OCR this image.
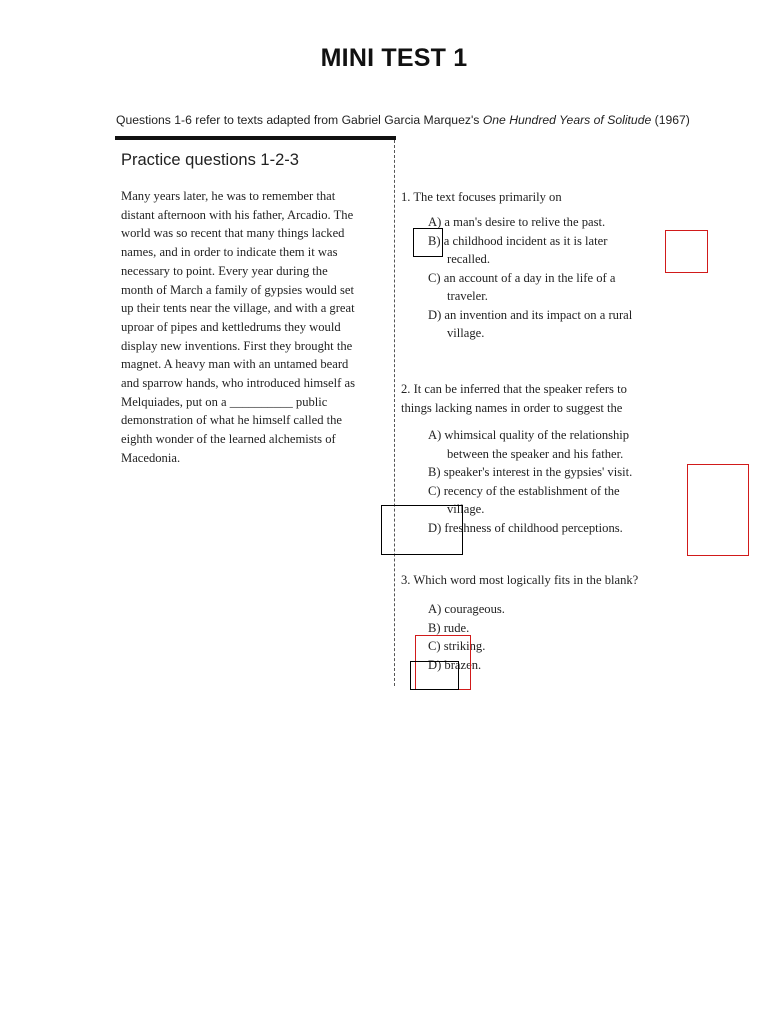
MINI TEST 1
Questions 1-6 refer to texts adapted from Gabriel Garcia Marquez's One Hundred Years of Solitude (1967)
Practice questions 1-2-3
Many years later, he was to remember that
distant afternoon with his father, Arcadio. The
world was so recent that many things lacked
names, and in order to indicate them it was
necessary to point. Every year during the
month of March a family of gypsies would set
up their tents near the village, and with a great
uproar of pipes and kettledrums they would
display new inventions. First they brought the
magnet. A heavy man with an untamed beard
and sparrow hands, who introduced himself as
Melquiades, put on a __________ public
demonstration of what he himself called the
eighth wonder of the learned alchemists of
Macedonia.
1. The text focuses primarily on
A) a man's desire to relive the past.
B) a childhood incident as it is later
recalled.
C) an account of a day in the life of a
traveler.
D) an invention and its impact on a rural
village.
2. It can be inferred that the speaker refers to
things lacking names in order to suggest the
A) whimsical quality of the relationship
between the speaker and his father.
B) speaker's interest in the gypsies' visit.
C) recency of the establishment of the
village.
D) freshness of childhood perceptions.
3. Which word most logically fits in the blank?
A) courageous.
B) rude.
C) striking.
D) brazen.
